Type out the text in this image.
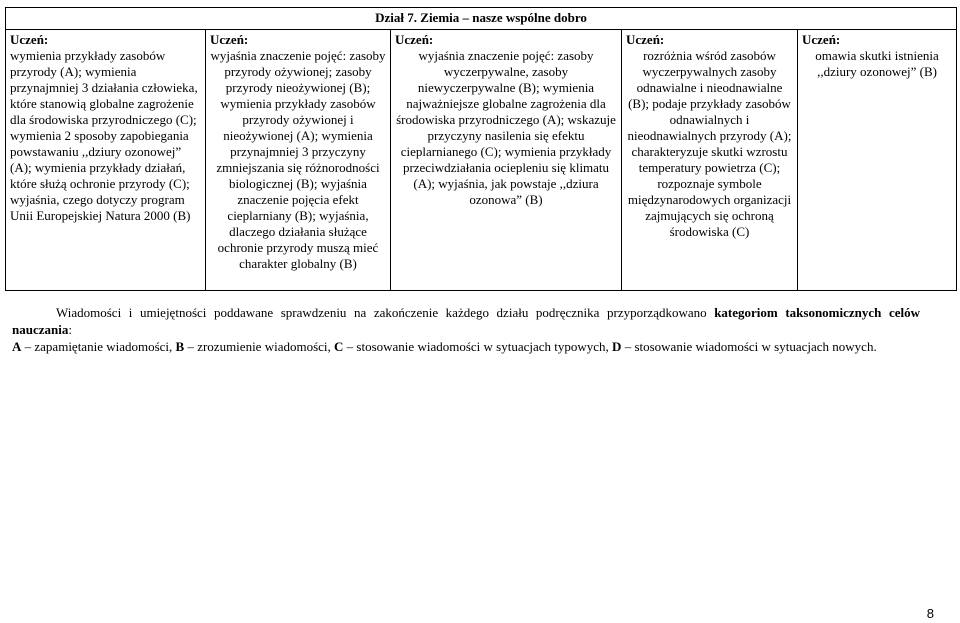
Dział 7. Ziemia – nasze wspólne dobro

Uczeń:
wymienia przykłady zasobów przyrody (A); wymienia przynajmniej 3 działania człowieka, które stanowią globalne zagrożenie dla środowiska przyrodniczego (C); wymienia 2 sposoby zapobiegania powstawaniu ,,dziury ozonowej” (A); wymienia przykłady działań, które służą ochronie przyrody (C); wyjaśnia, czego dotyczy program Unii Europejskiej Natura 2000 (B)

Uczeń:
wyjaśnia znaczenie pojęć: zasoby przyrody ożywionej; zasoby przyrody nieożywionej (B); wymienia przykłady zasobów przyrody ożywionej i nieożywionej (A); wymienia przynajmniej 3 przyczyny zmniejszania się różnorodności biologicznej (B); wyjaśnia znaczenie pojęcia efekt cieplarniany (B); wyjaśnia, dlaczego działania służące ochronie przyrody muszą mieć charakter globalny (B)

Uczeń:
wyjaśnia znaczenie pojęć: zasoby wyczerpywalne, zasoby niewyczerpywalne (B); wymienia najważniejsze globalne zagrożenia dla środowiska przyrodniczego (A); wskazuje przyczyny nasilenia się efektu cieplarnianego (C); wymienia przykłady przeciwdziałania ociepleniu się klimatu (A); wyjaśnia, jak powstaje ,,dziura ozonowa” (B)

Uczeń:
rozróżnia wśród zasobów wyczerpywalnych zasoby odnawialne i nieodnawialne (B); podaje przykłady zasobów odnawialnych i nieodnawialnych przyrody (A); charakteryzuje skutki wzrostu temperatury powietrza (C); rozpoznaje symbole międzynarodowych organizacji zajmujących się ochroną środowiska (C)

Uczeń:
omawia skutki istnienia ,,dziury ozonowej” (B)
Wiadomości i umiejętności poddawane sprawdzeniu na zakończenie każdego działu podręcznika przyporządkowano kategoriom taksonomicznych celów nauczania:
A – zapamiętanie wiadomości, B – zrozumienie wiadomości, C – stosowanie wiadomości w sytuacjach typowych, D – stosowanie wiadomości w sytuacjach nowych.
8
